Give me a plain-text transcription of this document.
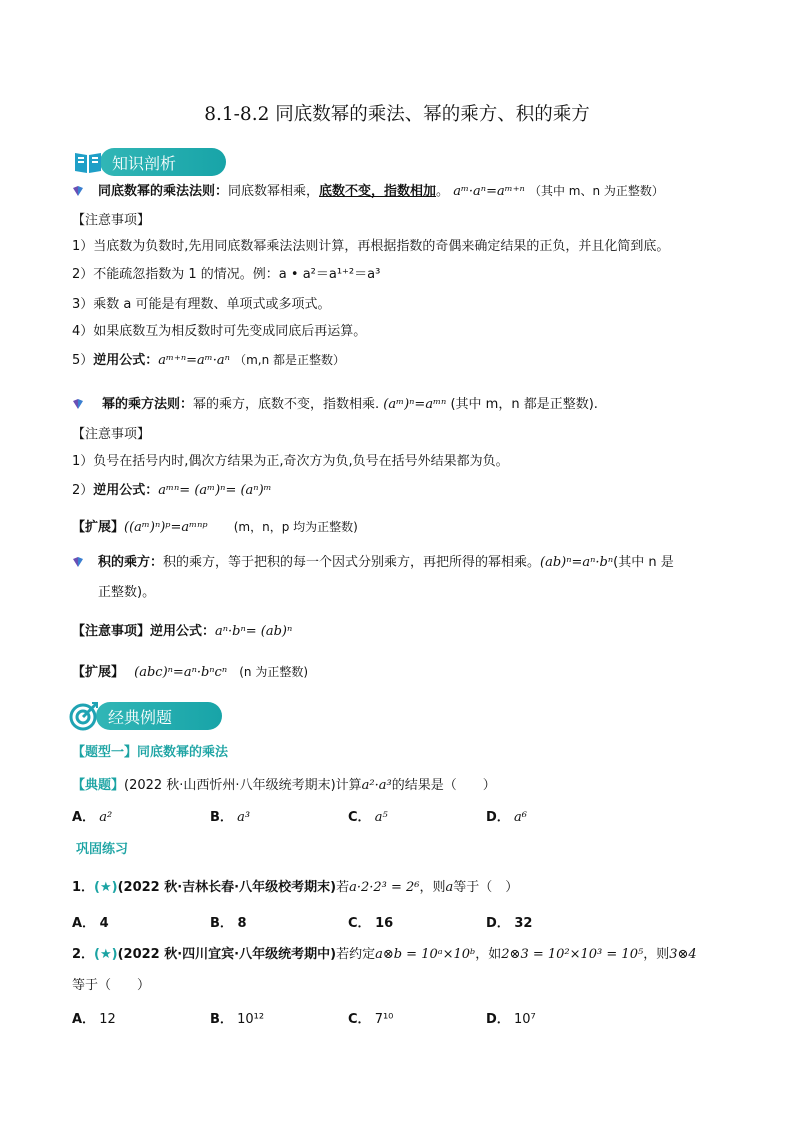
8.1-8.2 同底数幂的乘法、幂的乘方、积的乘方
知识剖析
同底数幂的乘法法则：同底数幂相乘，底数不变，指数相加。 aᵐ·aⁿ=aᵐ⁺ⁿ （其中 m、n 为正整数）
【注意事项】
1）当底数为负数时,先用同底数幂乘法法则计算，再根据指数的奇偶来确定结果的正负，并且化简到底。
2）不能疏忽指数为 1 的情况。例：a • a²＝a¹⁺²＝a³
3）乘数 a 可能是有理数、单项式或多项式。
4）如果底数互为相反数时可先变成同底后再运算。
5）逆用公式：aᵐ⁺ⁿ=aᵐ·aⁿ （m,n 都是正整数）
幂的乘方法则：幂的乘方，底数不变，指数相乘. (aᵐ)ⁿ=aᵐⁿ (其中 m，n 都是正整数).
【注意事项】
1）负号在括号内时,偶次方结果为正,奇次方为负,负号在括号外结果都为负。
2）逆用公式：aᵐⁿ= (aᵐ)ⁿ= (aⁿ)ᵐ
【扩展】((aᵐ)ⁿ)ᵖ=aᵐⁿᵖ (m，n，p 均为正整数)
积的乘方：积的乘方，等于把积的每一个因式分别乘方，再把所得的幂相乘。(ab)ⁿ=aⁿ·bⁿ(其中 n 是
正整数)。
【注意事项】逆用公式：aⁿ·bⁿ= (ab)ⁿ
【扩展】 (abc)ⁿ=aⁿ·bⁿcⁿ (n 为正整数)
经典例题
【题型一】同底数幂的乘法
【典题】(2022 秋·山西忻州·八年级统考期末)计算a²·a³的结果是（　　）
A． a²	B． a³	C． a⁵	D． a⁶
巩固练习
1．(★)(2022 秋·吉林长春·八年级校考期末)若a·2·2³ = 2⁶，则a等于（　）
A． 4	B． 8	C． 16	D． 32
2．(★)(2022 秋·四川宜宾·八年级统考期中)若约定a⊗b = 10ᵃ×10ᵇ，如2⊗3 = 10²×10³ = 10⁵，则3⊗4
等于（　　）
A． 12	B． 10¹²	C． 7¹⁰	D． 10⁷
